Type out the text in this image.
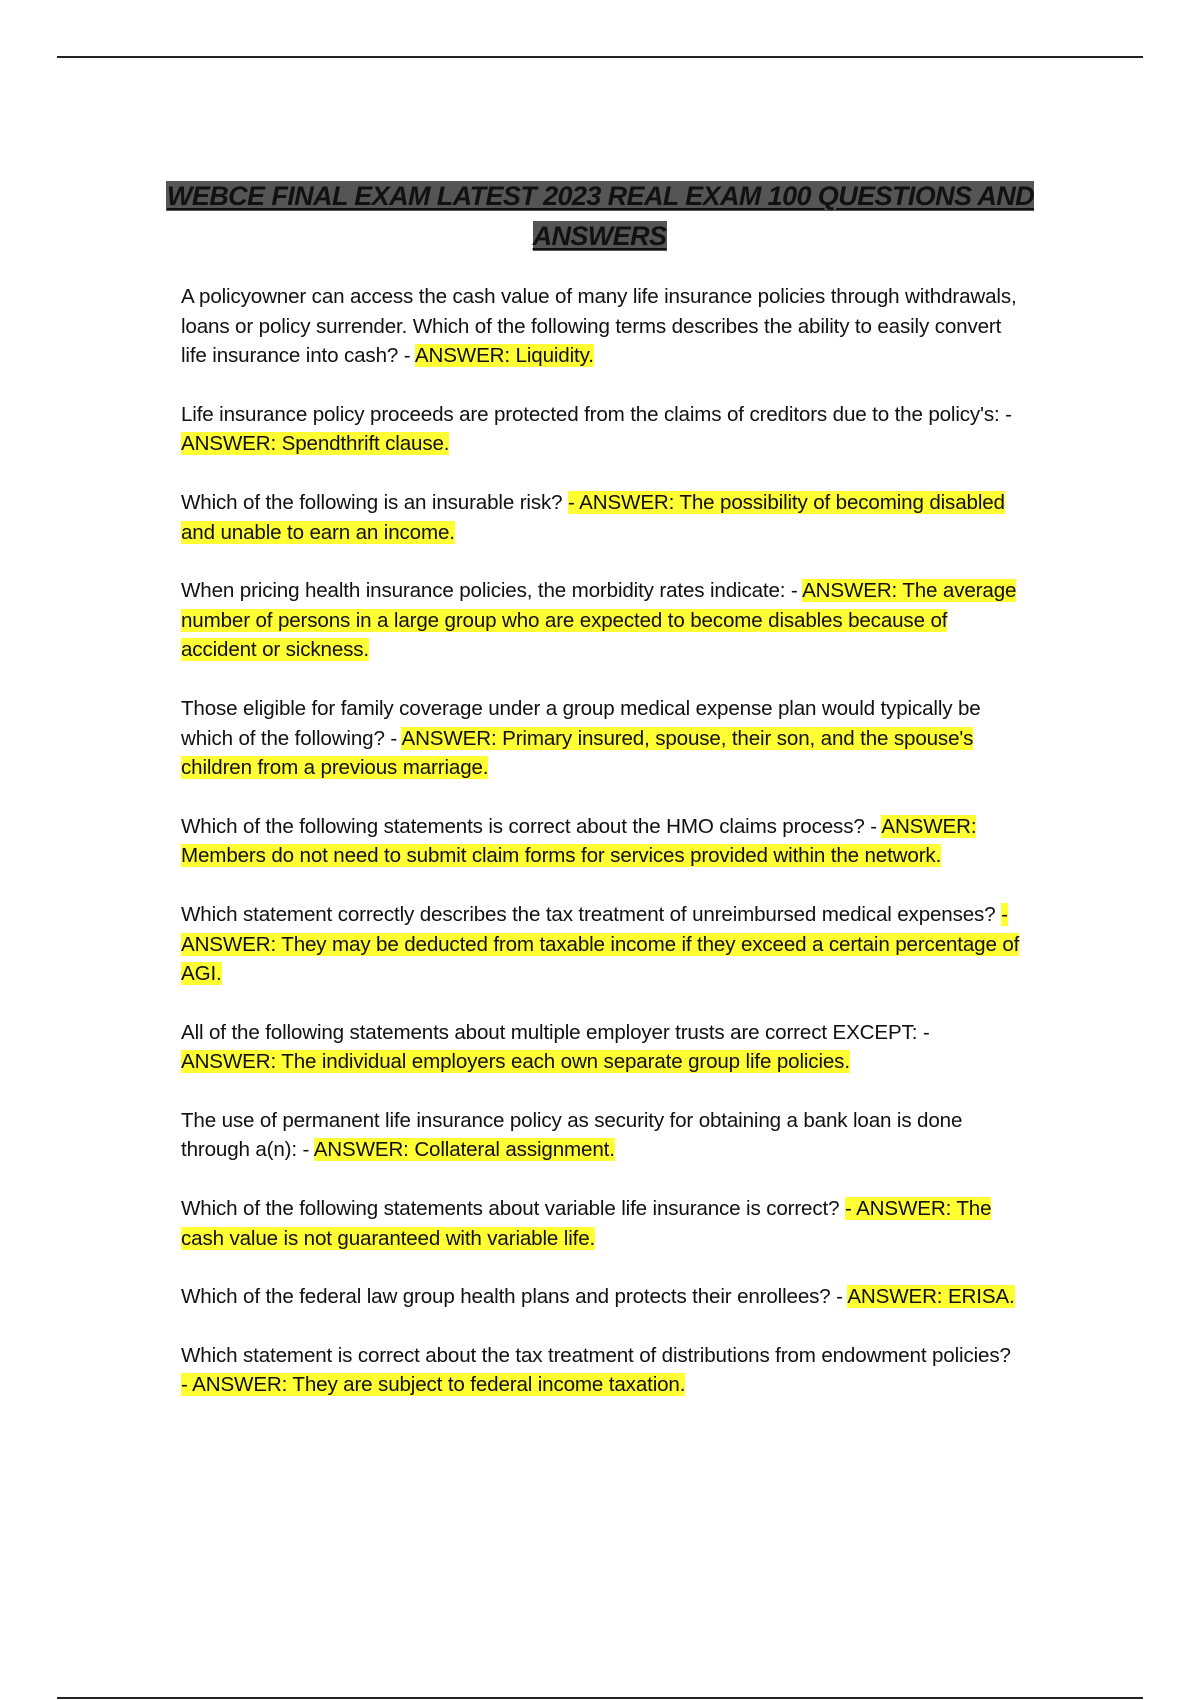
WEBCE FINAL EXAM LATEST 2023 REAL EXAM 100 QUESTIONS AND ANSWERS

A policyowner can access the cash value of many life insurance policies through withdrawals, loans or policy surrender. Which of the following terms describes the ability to easily convert life insurance into cash? - ANSWER: Liquidity.

Life insurance policy proceeds are protected from the claims of creditors due to the policy's: - ANSWER: Spendthrift clause.

Which of the following is an insurable risk? - ANSWER: The possibility of becoming disabled and unable to earn an income.

When pricing health insurance policies, the morbidity rates indicate: - ANSWER: The average number of persons in a large group who are expected to become disables because of accident or sickness.

Those eligible for family coverage under a group medical expense plan would typically be which of the following? - ANSWER: Primary insured, spouse, their son, and the spouse's children from a previous marriage.

Which of the following statements is correct about the HMO claims process? - ANSWER: Members do not need to submit claim forms for services provided within the network.

Which statement correctly describes the tax treatment of unreimbursed medical expenses? - ANSWER: They may be deducted from taxable income if they exceed a certain percentage of AGI.

All of the following statements about multiple employer trusts are correct EXCEPT: - ANSWER: The individual employers each own separate group life policies.

The use of permanent life insurance policy as security for obtaining a bank loan is done through a(n): - ANSWER: Collateral assignment.

Which of the following statements about variable life insurance is correct? - ANSWER: The cash value is not guaranteed with variable life.

Which of the federal law group health plans and protects their enrollees? - ANSWER: ERISA.

Which statement is correct about the tax treatment of distributions from endowment policies? - ANSWER: They are subject to federal income taxation.
